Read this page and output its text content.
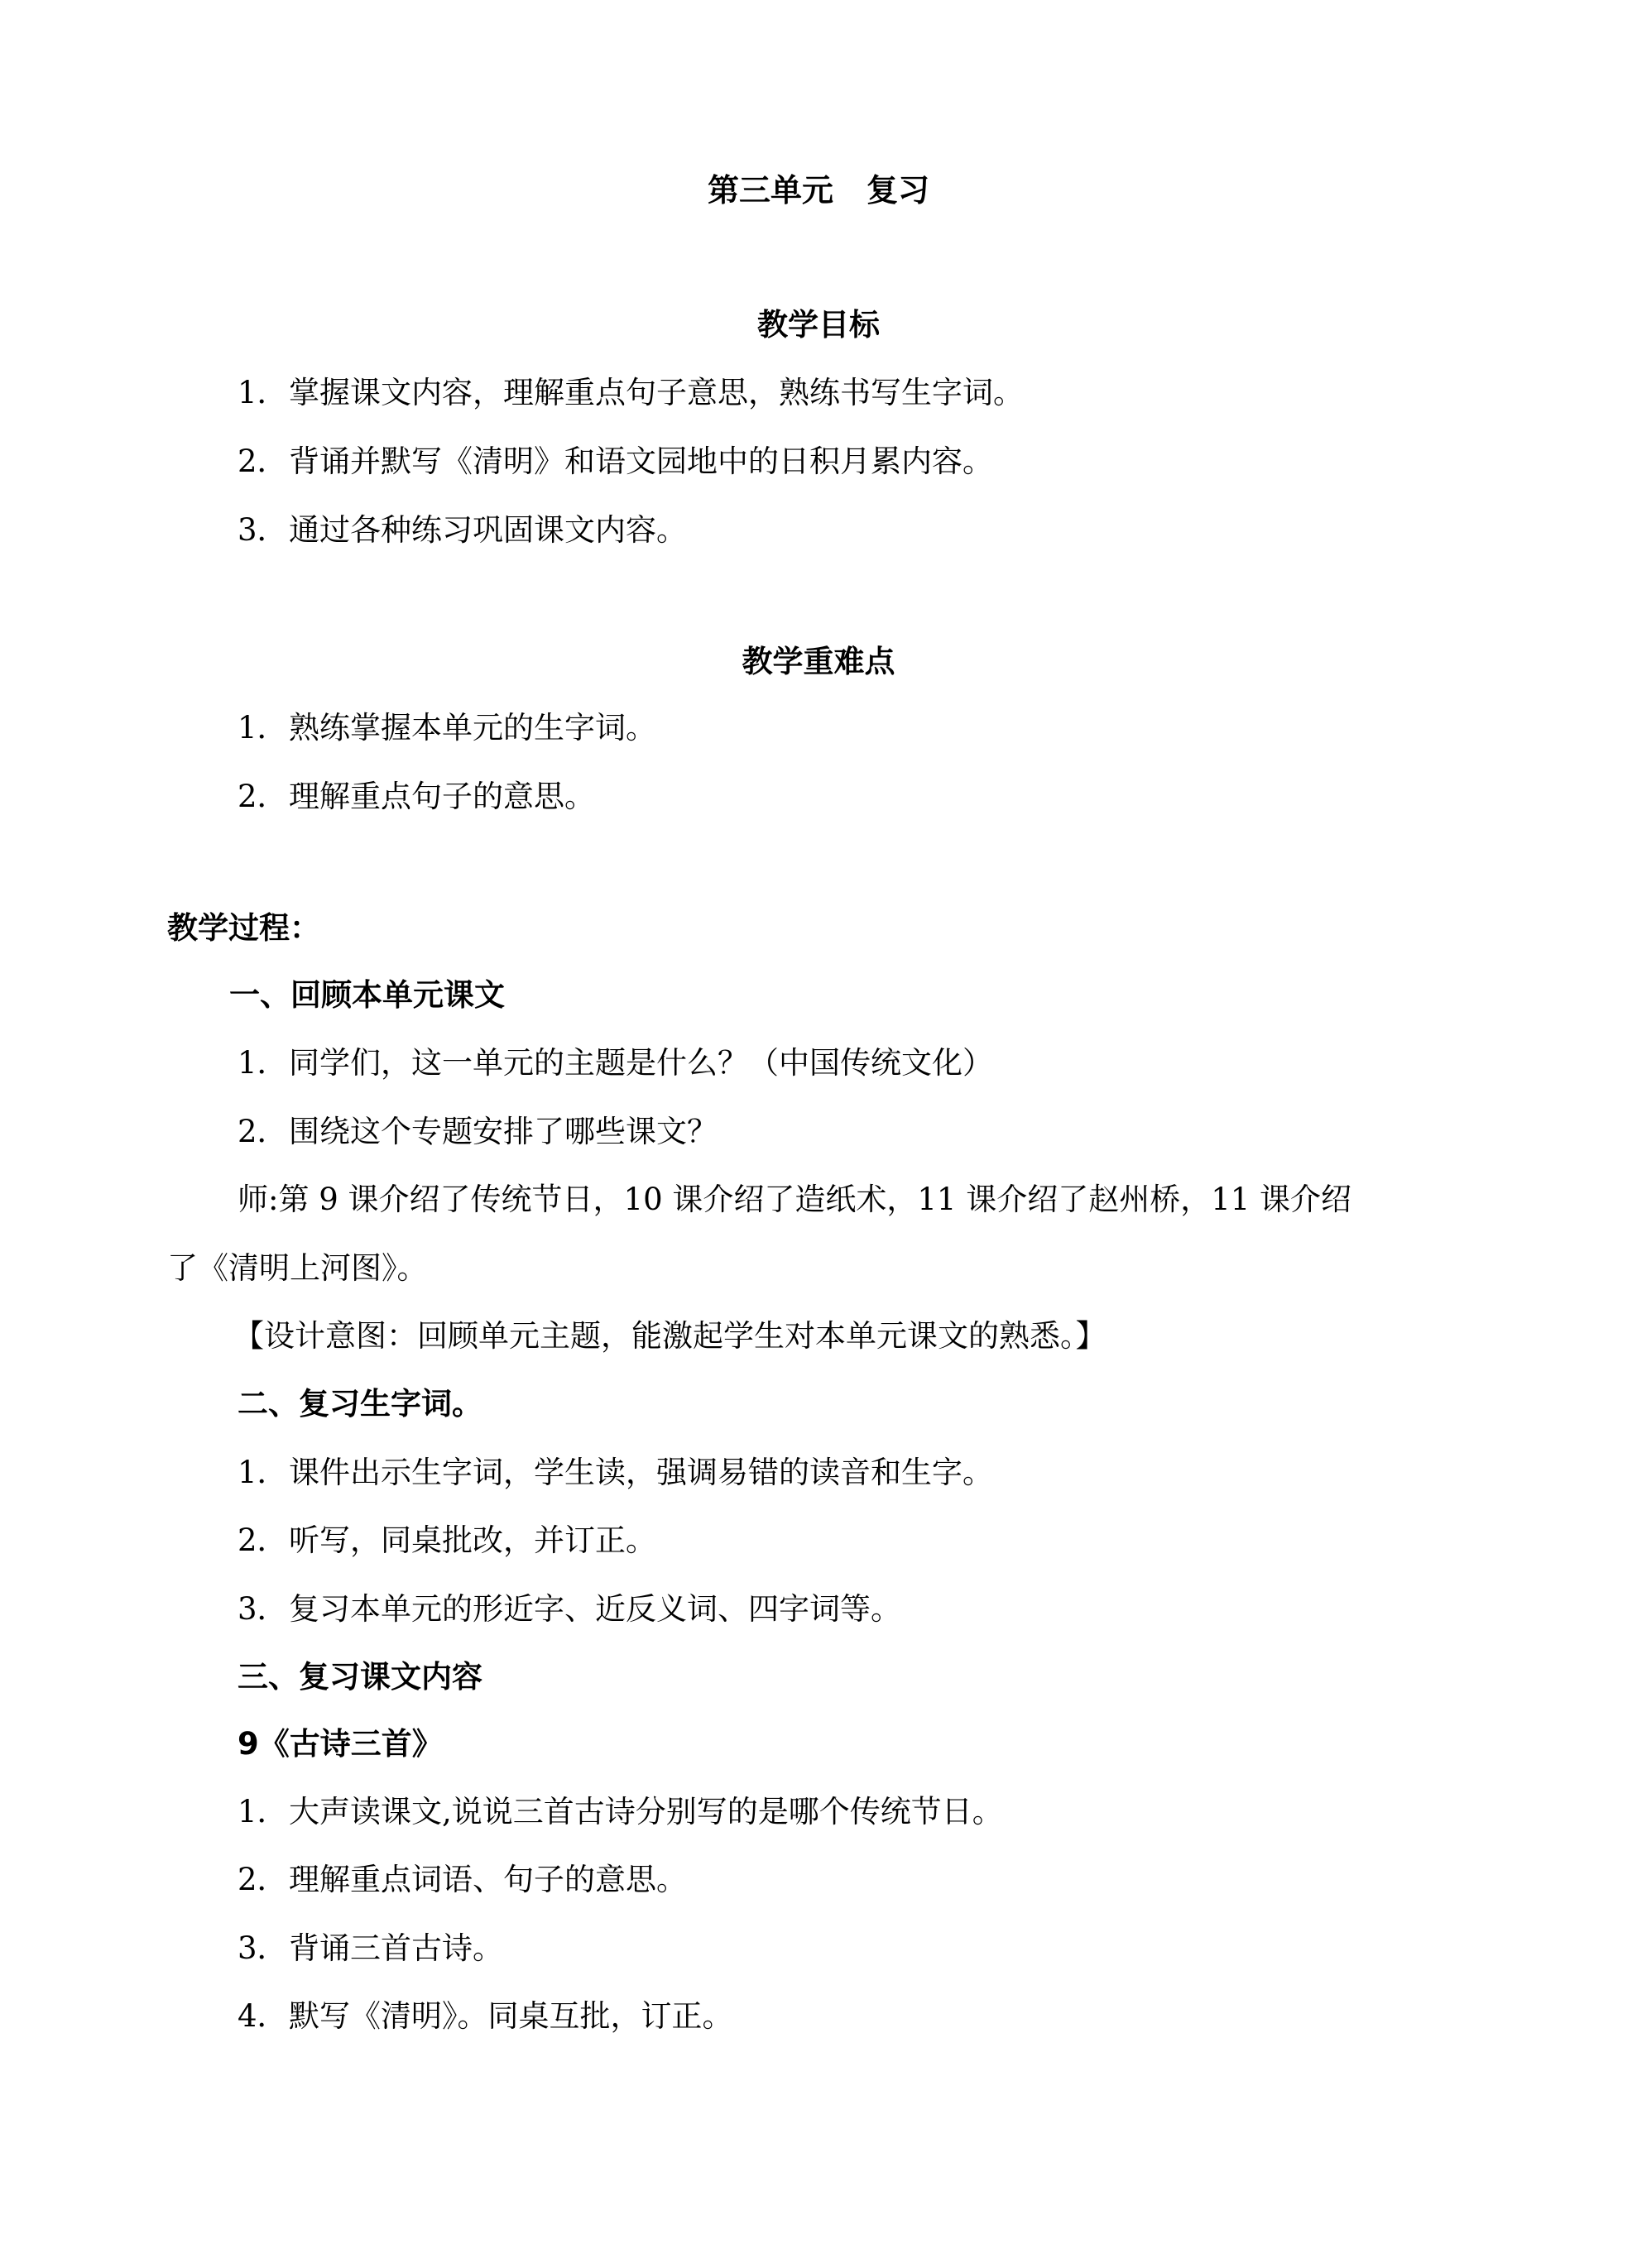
第三单元 复习
教学目标
1．掌握课文内容，理解重点句子意思，熟练书写生字词。
2．背诵并默写《清明》和语文园地中的日积月累内容。
3．通过各种练习巩固课文内容。
教学重难点
1．熟练掌握本单元的生字词。
2．理解重点句子的意思。
教学过程：
一、回顾本单元课文
1．同学们，这一单元的主题是什么？（中国传统文化）
2．围绕这个专题安排了哪些课文？
师:第 9 课介绍了传统节日，10 课介绍了造纸术，11 课介绍了赵州桥，11 课介绍
了《清明上河图》。
【设计意图：回顾单元主题，能激起学生对本单元课文的熟悉。】
二、复习生字词。
1．课件出示生字词，学生读，强调易错的读音和生字。
2．听写，同桌批改，并订正。
3．复习本单元的形近字、近反义词、四字词等。
三、复习课文内容
9《古诗三首》
1．大声读课文,说说三首古诗分别写的是哪个传统节日。
2．理解重点词语、句子的意思。
3．背诵三首古诗。
4．默写《清明》。同桌互批，订正。
